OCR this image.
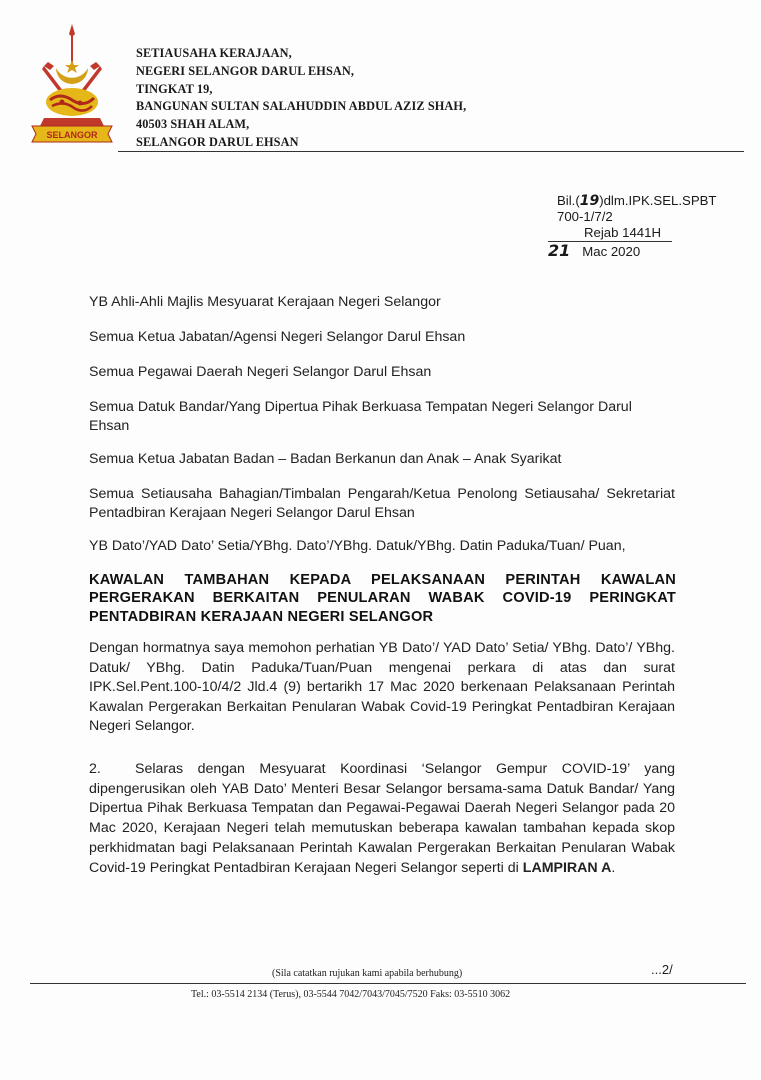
SELANGOR
SETIAUSAHA KERAJAAN,
NEGERI SELANGOR DARUL EHSAN,
TINGKAT 19,
BANGUNAN SULTAN SALAHUDDIN ABDUL AZIZ SHAH,
40503 SHAH ALAM,
SELANGOR DARUL EHSAN
Bil.(19)dlm.IPK.SEL.SPBT
700-1/7/2
Rejab 1441H
21 Mac 2020
YB Ahli-Ahli Majlis Mesyuarat Kerajaan Negeri Selangor
Semua Ketua Jabatan/Agensi Negeri Selangor Darul Ehsan
Semua Pegawai Daerah Negeri Selangor Darul Ehsan
Semua Datuk Bandar/Yang Dipertua Pihak Berkuasa Tempatan Negeri Selangor Darul Ehsan
Semua Ketua Jabatan Badan – Badan Berkanun dan Anak – Anak Syarikat
Semua Setiausaha Bahagian/Timbalan Pengarah/Ketua Penolong Setiausaha/ Sekretariat Pentadbiran Kerajaan Negeri Selangor Darul Ehsan
YB Dato’/YAD Dato’ Setia/YBhg. Dato’/YBhg. Datuk/YBhg. Datin Paduka/Tuan/ Puan,
KAWALAN TAMBAHAN KEPADA PELAKSANAAN PERINTAH KAWALAN PERGERAKAN BERKAITAN PENULARAN WABAK COVID-19 PERINGKAT PENTADBIRAN KERAJAAN NEGERI SELANGOR
Dengan hormatnya saya memohon perhatian YB Dato’/ YAD Dato’ Setia/ YBhg. Dato’/ YBhg. Datuk/ YBhg. Datin Paduka/Tuan/Puan mengenai perkara di atas dan surat IPK.Sel.Pent.100-10/4/2 Jld.4 (9) bertarikh 17 Mac 2020 berkenaan Pelaksanaan Perintah Kawalan Pergerakan Berkaitan Penularan Wabak Covid-19 Peringkat Pentadbiran Kerajaan Negeri Selangor.
2. Selaras dengan Mesyuarat Koordinasi ‘Selangor Gempur COVID-19’ yang dipengerusikan oleh YAB Dato’ Menteri Besar Selangor bersama-sama Datuk Bandar/ Yang Dipertua Pihak Berkuasa Tempatan dan Pegawai-Pegawai Daerah Negeri Selangor pada 20 Mac 2020, Kerajaan Negeri telah memutuskan beberapa kawalan tambahan kepada skop perkhidmatan bagi Pelaksanaan Perintah Kawalan Pergerakan Berkaitan Penularan Wabak Covid-19 Peringkat Pentadbiran Kerajaan Negeri Selangor seperti di LAMPIRAN A.
(Sila catatkan rujukan kami apabila berhubung)	...2/
Tel.: 03-5514 2134 (Terus), 03-5544 7042/7043/7045/7520 Faks: 03-5510 3062
